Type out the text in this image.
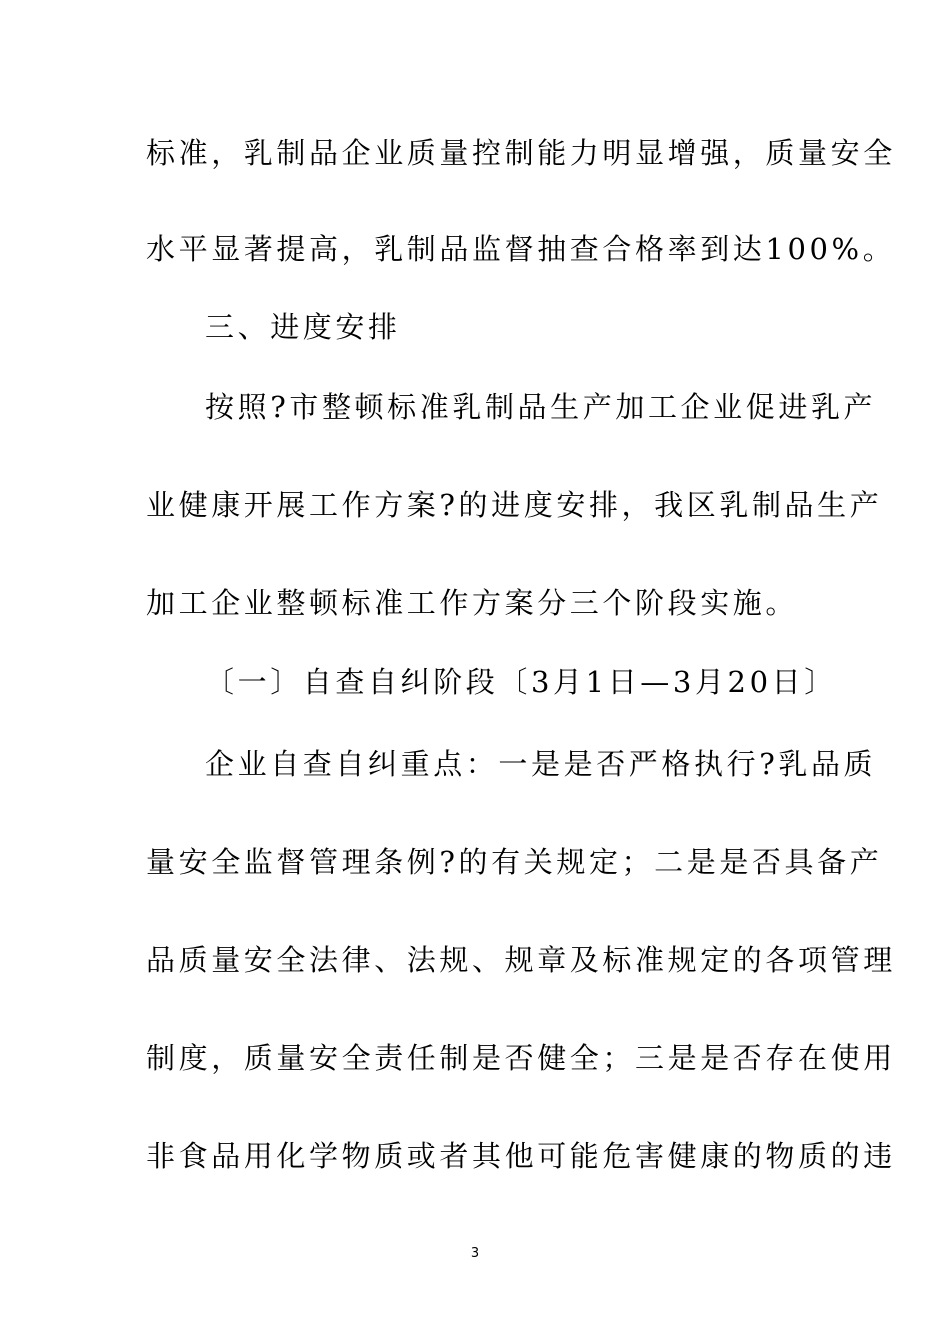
标准，乳制品企业质量控制能力明显增强，质量安全
水平显著提高，乳制品监督抽查合格率到达100%。
三、进度安排
按照?市整顿标准乳制品生产加工企业促进乳产
业健康开展工作方案?的进度安排，我区乳制品生产
加工企业整顿标准工作方案分三个阶段实施。
〔一〕自查自纠阶段〔3月1日—3月20日〕
企业自查自纠重点：一是是否严格执行?乳品质
量安全监督管理条例?的有关规定；二是是否具备产
品质量安全法律、法规、规章及标准规定的各项管理
制度，质量安全责任制是否健全；三是是否存在使用
非食品用化学物质或者其他可能危害健康的物质的违
3
